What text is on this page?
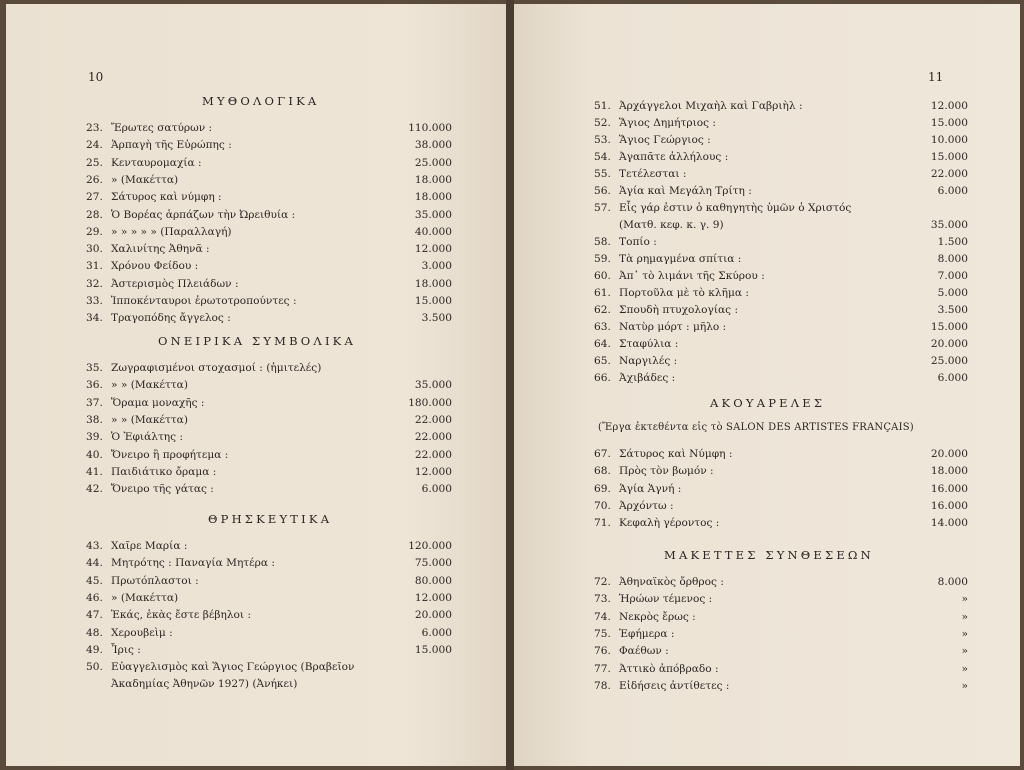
10
ΜΥΘΟΛΟΓΙΚΑ
23. Ἔρωτες σατύρων :	110.000
24. Ἁρπαγὴ τῆς Εὐρώπης :	38.000
25. Κενταυρομαχία :	25.000
26. » (Μακέττα)	18.000
27. Σάτυρος καὶ νύμφη :	18.000
28. Ὁ Βορέας ἁρπάζων τὴν Ὠρειθυία :	35.000
29. » » » » » (Παραλλαγή)	40.000
30. Χαλινίτης Ἀθηνᾶ :	12.000
31. Χρόνου Φείδου :	3.000
32. Ἀστερισμὸς Πλειάδων :	18.000
33. Ἱπποκένταυροι ἐρωτοτροπούντες :	15.000
34. Τραγοπόδης ἄγγελος :	3.500
ΟΝΕΙΡΙΚΑ ΣΥΜΒΟΛΙΚΑ
35. Ζωγραφισμένοι στοχασμοί : (ἡμιτελές)
36. » » (Μακέττα)	35.000
37. Ὅραμα μοναχῆς :	180.000
38. » » (Μακέττα)	22.000
39. Ὁ Ἐφιάλτης :	22.000
40. Ὄνειρο ἢ προφήτεμα :	22.000
41. Παιδιάτικο ὄραμα :	12.000
42. Ὄνειρο τῆς γάτας :	6.000
ΘΡΗΣΚΕΥΤΙΚΑ
43. Χαῖρε Μαρία :	120.000
44. Μητρότης : Παναγία Μητέρα :	75.000
45. Πρωτόπλαστοι :	80.000
46. » (Μακέττα)	12.000
47. Ἑκάς, ἑκὰς ἔστε βέβηλοι :	20.000
48. Χερουβεὶμ :	6.000
49. Ἶρις :	15.000
50. Εὐαγγελισμὸς καὶ Ἅγιος Γεώργιος (Βραβεῖον Ἀκαδημίας Ἀθηνῶν 1927) (Ἀνήκει)
11
51. Ἀρχάγγελοι Μιχαὴλ καὶ Γαβριὴλ :	12.000
52. Ἅγιος Δημήτριος :	15.000
53. Ἅγιος Γεώργιος :	10.000
54. Ἀγαπᾶτε ἀλλήλους :	15.000
55. Τετέλεσται :	22.000
56. Ἁγία καὶ Μεγάλη Τρίτη :	6.000
57. Εἷς γάρ ἐστιν ὁ καθηγητὴς ὑμῶν ὁ Χριστός (Ματθ. κεφ. κ. γ. 9)	35.000
58. Τοπίο :	1.500
59. Τὰ ρημαγμένα σπίτια :	8.000
60. Ἀπ᾿ τὸ λιμάνι τῆς Σκύρου :	7.000
61. Πορτοῦλα μὲ τὸ κλῆμα :	5.000
62. Σπουδὴ πτυχολογίας :	3.500
63. Νατὺρ μόρτ : μῆλο :	15.000
64. Σταφύλια :	20.000
65. Ναργιλές :	25.000
66. Ἀχιβάδες :	6.000
ΑΚΟΥΑΡΕΛΕΣ
(Ἔργα ἐκτεθέντα εἰς τὸ SALON DES ARTISTES FRANÇAIS)
67. Σάτυρος καὶ Νύμφη :	20.000
68. Πρὸς τὸν βωμόν :	18.000
69. Ἁγία Ἁγνή :	16.000
70. Ἀρχόντω :	16.000
71. Κεφαλὴ γέροντος :	14.000
ΜΑΚΕΤΤΕΣ ΣΥΝΘΕΣΕΩΝ
72. Ἀθηναϊκὸς ὄρθρος :	8.000
73. Ἡρώων τέμενος :	»
74. Νεκρὸς ἔρως :	»
75. Ἐφήμερα :	»
76. Φαέθων :	»
77. Ἀττικὸ ἀπόβραδο :	»
78. Εἰδήσεις ἀντίθετες :	»
